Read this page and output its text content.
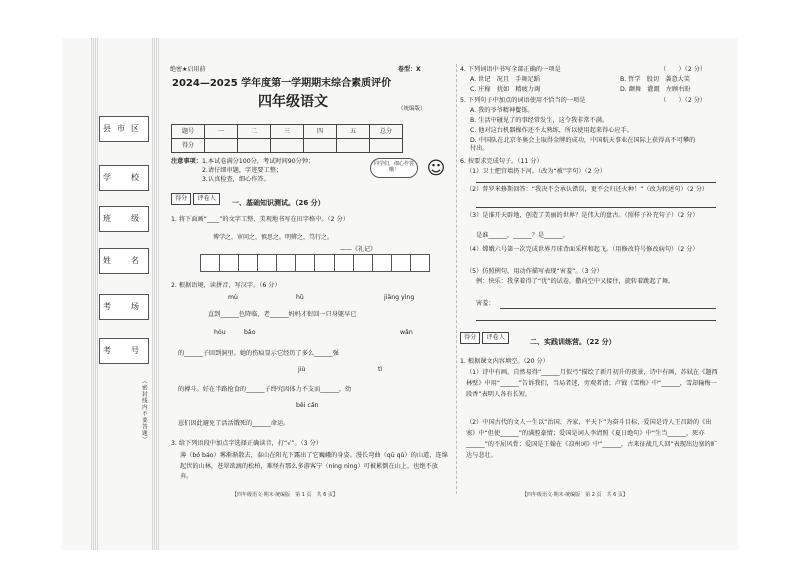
县市区
学　校
班　级
姓　名
考　场
考　号
（密封线内不要答题）
绝密★启用前	卷型：X
2024—2025 学年度第一学期期末综合素质评价
四年级语文	（统编版）
题号	一	二	三	四	五	总分
得分						
注意事项： 1.本试卷满分100分，考试时间90分钟；
2.请仔细审题，字迹要工整；
3.认真检查，细心作答。
同学们，细心作答哦！	☺
得分 评卷人
一、基础知识测试。（26 分）
1. 将下面画“____”的文字工整、美观地书写在田字格中。（2 分）
博学之，审问之，慎思之，明辨之，笃行之。
——《礼记》
2. 根据语境，读拼音，写汉字。（6 分）
mù	hǔ	jiāng yìng
直到______色降临，老______妈妈才衔回一只身躯早已
hóu	bǎo	wǎn
的______子回到洞里。她的伤痕显示它经历了多么______强
jiù	tì
的搏斗。好在半路抢食的______子终究因体力不支而______，幼
bēi cǎn
崽们因此避免了活活饿死的______命运。
3. 给下列语段中加点字选择正确读音，打“√”。（3 分）
薄（bó báo）雾渐渐散去，泰山在阳光下露出了它巍峨的身姿。漫长弯曲（qū qǔ）的山道，连绵起伏的山林，苍翠欲滴的松柏，难怪有那么多游客宁（níng nìng）可被累倒在山上，也绝不放弃。
【四年级语文·期末·统编版　第 1 页　共 6 页】
4. 下列词语中书写全部正确的一项是	（　　）（2 分）
A. 世记　况且　手舞足蹈	B. 哲学　股切　袭意大笑
C. 庄稼　扰如　精疲力竭	D. 颤舞　灌溉　左顾右盼
5. 下列句子中加点的词语使用不恰当的一项是	（　　）（2 分）
A. 我的爷爷精神矍铄。
B. 生活中碰见了的事经常发生，这令我非常不满。
C. 他对这台机器操作还不太熟练，所以使用起来得心应手。
D. 中国队在北京冬奥会上取得金牌的成功，中国航天事业在国际上获得高不可攀的付出。
6. 按要求完成句子。（11 分）
（1）卫士把宫墙扔下河。（改为“被”字句）（2 分）
（2）普罗米修斯回答：“我决不会承认错误，更不会归还火种！”（改为转述句）（2 分）
（3）是谁开天辟地，创造了美丽的世界？是伟大的盘古。（照样子补充句子）（2 分）
是谁______，______？是______。
（4）嫦娥六号第一次完成世界月球背面采样和起飞。（用修改符号修改病句）（2 分）
（5）仿照例句，用动作描写表现“害羞”。（3 分）
例：快乐：我拿着得了“优”的试卷，撒向空中又接住，旋转着跳起了舞。
害羞：
得分 评卷人
二、实践训练营。（22 分）
1. 根据课文内容填空。（20 分）
（1）诗中有画，自然易得“______月似弓”描绘了新月初升的夜景，诗中有画，苏轼在《题西林壁》中用“______”告诉我们，当局者迷，旁观者清；卢钺《雪梅》中“______，雪却输梅一段香”表明人各有长短。
（2）中国古代的文人一生以“治国、齐家、平天下”为奋斗目标，爱国是诗人王昌龄的《出塞》中“但使______”的满腔豪情；爱国是词人李清照《夏日绝句》中“生当______，死亦______”的不屈风骨；爱国是王翰在《凉州词》中“______，古来征战几人回”表现出边塞的旷达与悲壮。
【四年级语文·期末·统编版　第 2 页　共 6 页】
